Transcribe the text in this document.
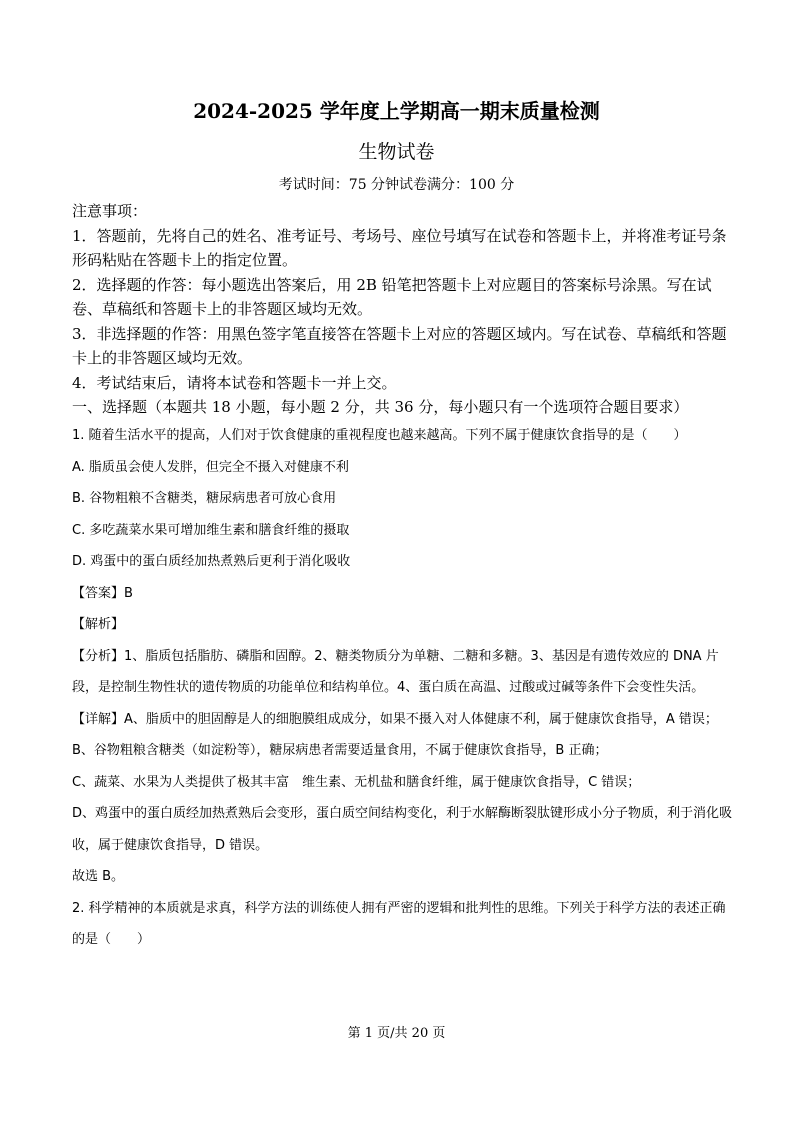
2024-2025 学年度上学期高一期末质量检测
生物试卷
考试时间：75 分钟试卷满分：100 分

注意事项：

1．答题前，先将自己的姓名、准考证号、考场号、座位号填写在试卷和答题卡上，并将准考证号条形码粘贴在答题卡上的指定位置。

2．选择题的作答：每小题选出答案后，用 2B 铅笔把答题卡上对应题目的答案标号涂黑。写在试卷、草稿纸和答题卡上的非答题区域均无效。

3．非选择题的作答：用黑色签字笔直接答在答题卡上对应的答题区域内。写在试卷、草稿纸和答题卡上的非答题区域均无效。

4．考试结束后，请将本试卷和答题卡一并上交。

一、选择题（本题共 18 小题，每小题 2 分，共 36 分，每小题只有一个选项符合题目要求）

1. 随着生活水平的提高，人们对于饮食健康的重视程度也越来越高。下列不属于健康饮食指导的是（　　）

A. 脂质虽会使人发胖，但完全不摄入对健康不利

B. 谷物粗粮不含糖类，糖尿病患者可放心食用

C. 多吃蔬菜水果可增加维生素和膳食纤维的摄取

D. 鸡蛋中的蛋白质经加热煮熟后更利于消化吸收

【答案】B

【解析】

【分析】1、脂质包括脂肪、磷脂和固醇。2、糖类物质分为单糖、二糖和多糖。3、基因是有遗传效应的 DNA 片段，是控制生物性状的遗传物质的功能单位和结构单位。4、蛋白质在高温、过酸或过碱等条件下会变性失活。

【详解】A、脂质中的胆固醇是人的细胞膜组成成分，如果不摄入对人体健康不利，属于健康饮食指导，A 错误；

B、谷物粗粮含糖类（如淀粉等），糖尿病患者需要适量食用，不属于健康饮食指导，B 正确；

C、蔬菜、水果为人类提供了极其丰富　维生素、无机盐和膳食纤维，属于健康饮食指导，C 错误；

D、鸡蛋中的蛋白质经加热煮熟后会变形，蛋白质空间结构变化，利于水解酶断裂肽键形成小分子物质，利于消化吸收，属于健康饮食指导，D 错误。

故选 B。

2. 科学精神的本质就是求真，科学方法的训练使人拥有严密的逻辑和批判性的思维。下列关于科学方法的表述正确的是（　　）

第 1 页/共 20 页
